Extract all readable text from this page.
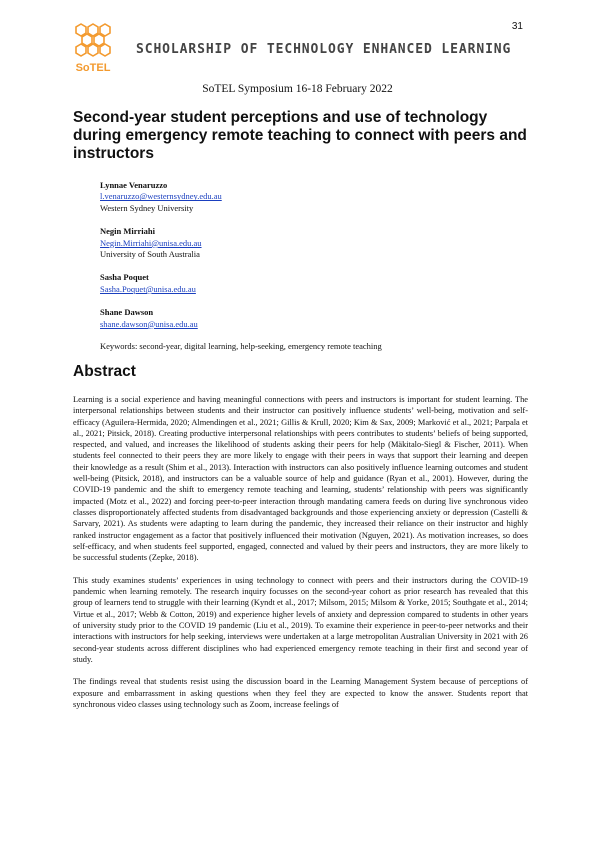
31
SoTEL
SCHOLARSHIP OF TECHNOLOGY ENHANCED LEARNING
SoTEL Symposium 16-18 February 2022
Second-year student perceptions and use of technology during emergency remote teaching to connect with peers and instructors
Lynnae Venaruzzo
l.venaruzzo@westernsydney.edu.au
Western Sydney University
Negin Mirriahi
Negin.Mirriahi@unisa.edu.au
University of South Australia
Sasha Poquet
Sasha.Poquet@unisa.edu.au
Shane Dawson
shane.dawson@unisa.edu.au
Keywords: second-year, digital learning, help-seeking, emergency remote teaching
Abstract

Learning is a social experience and having meaningful connections with peers and instructors is important for student learning. The interpersonal relationships between students and their instructor can positively influence students’ well-being, motivation and self-efficacy (Aguilera-Hermida, 2020; Almendingen et al., 2021; Gillis & Krull, 2020; Kim & Sax, 2009; Marković et al., 2021; Parpala et al., 2021; Pitsick, 2018). Creating productive interpersonal relationships with peers contributes to students’ beliefs of being supported, respected, and valued, and increases the likelihood of students asking their peers for help (Mäkitalo-Siegl & Fischer, 2011). When students feel connected to their peers they are more likely to engage with their peers in ways that support their learning and deepen their knowledge as a result (Shim et al., 2013). Interaction with instructors can also positively influence learning outcomes and student well-being (Pitsick, 2018), and instructors can be a valuable source of help and guidance (Ryan et al., 2001). However, during the COVID-19 pandemic and the shift to emergency remote teaching and learning, students’ relationship with peers was significantly impacted (Motz et al., 2022) and forcing peer-to-peer interaction through mandating camera feeds on during live synchronous video classes disproportionately affected students from disadvantaged backgrounds and those experiencing anxiety or depression (Castelli & Sarvary, 2021). As students were adapting to learn during the pandemic, they increased their reliance on their instructor and highly ranked instructor engagement as a factor that positively influenced their motivation (Nguyen, 2021). As motivation increases, so does self-efficacy, and when students feel supported, engaged, connected and valued by their peers and instructors, they are more likely to be successful students (Zepke, 2018).

This study examines students’ experiences in using technology to connect with peers and their instructors during the COVID-19 pandemic when learning remotely. The research inquiry focusses on the second-year cohort as prior research has revealed that this group of learners tend to struggle with their learning (Kyndt et al., 2017; Milsom, 2015; Milsom & Yorke, 2015; Southgate et al., 2014; Virtue et al., 2017; Webb & Cotton, 2019) and experience higher levels of anxiety and depression compared to students in other years of university study prior to the COVID 19 pandemic (Liu et al., 2019). To examine their experience in peer-to-peer networks and their interactions with instructors for help seeking, interviews were undertaken at a large metropolitan Australian University in 2021 with 26 second-year students across different disciplines who had experienced emergency remote teaching in their first and second year of study.

The findings reveal that students resist using the discussion board in the Learning Management System because of perceptions of exposure and embarrassment in asking questions when they feel they are expected to know the answer. Students report that synchronous video classes using technology such as Zoom, increase feelings of
